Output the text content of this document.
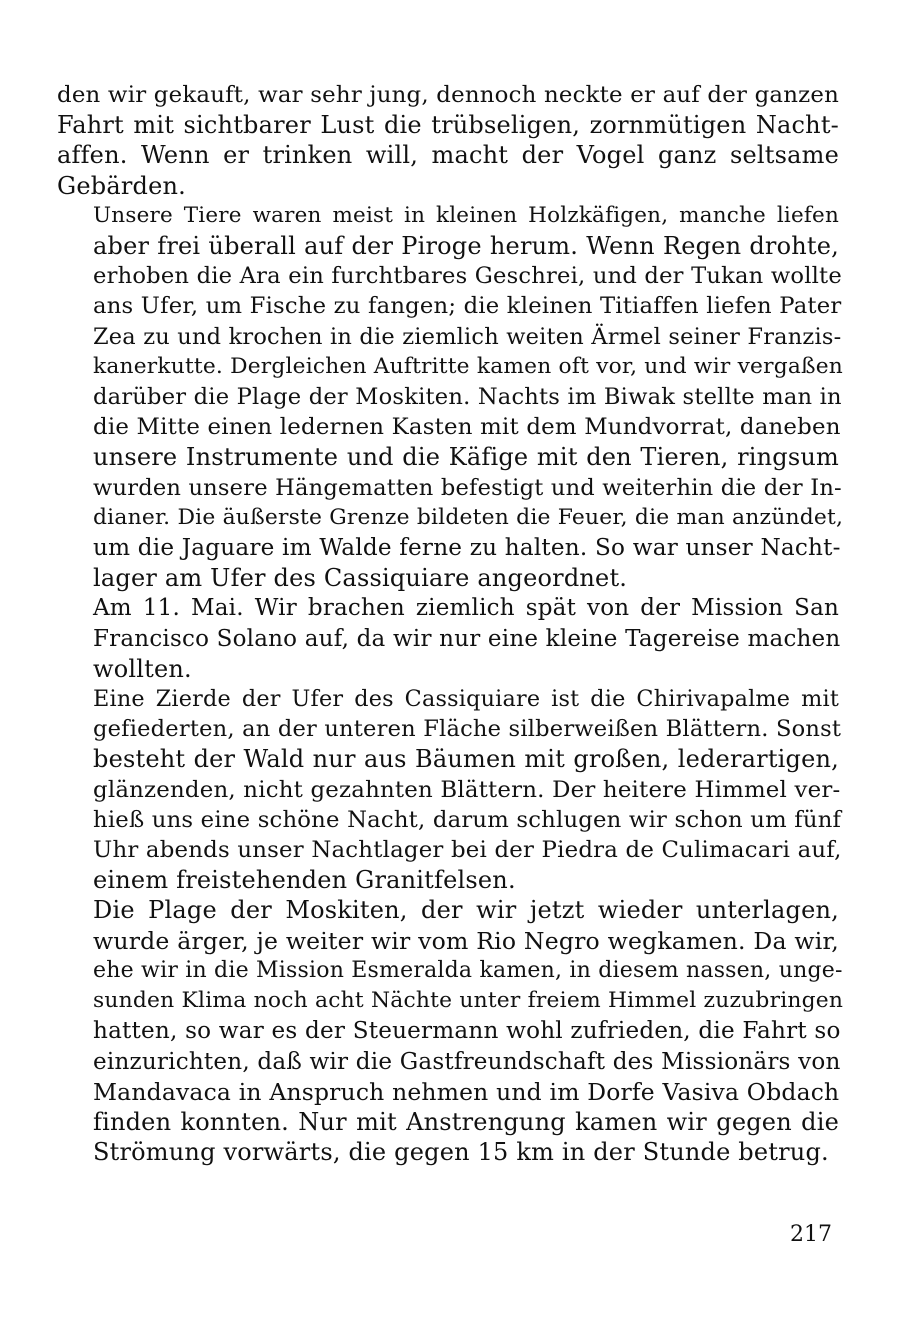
den wir gekauft, war sehr jung, dennoch neckte er auf der ganzen
Fahrt mit sichtbarer Lust die trübseligen, zornmütigen Nacht-
affen. Wenn er trinken will, macht der Vogel ganz seltsame
Gebärden.

Unsere Tiere waren meist in kleinen Holzkäfigen, manche liefen
aber frei überall auf der Piroge herum. Wenn Regen drohte,
erhoben die Ara ein furchtbares Geschrei, und der Tukan wollte
ans Ufer, um Fische zu fangen; die kleinen Titiaffen liefen Pater
Zea zu und krochen in die ziemlich weiten Ärmel seiner Franzis-
kanerkutte. Dergleichen Auftritte kamen oft vor, und wir vergaßen
darüber die Plage der Moskiten. Nachts im Biwak stellte man in
die Mitte einen ledernen Kasten mit dem Mundvorrat, daneben
unsere Instrumente und die Käfige mit den Tieren, ringsum
wurden unsere Hängematten befestigt und weiterhin die der In-
dianer. Die äußerste Grenze bildeten die Feuer, die man anzündet,
um die Jaguare im Walde ferne zu halten. So war unser Nacht-
lager am Ufer des Cassiquiare angeordnet.

Am 11. Mai. Wir brachen ziemlich spät von der Mission San
Francisco Solano auf, da wir nur eine kleine Tagereise machen
wollten.

Eine Zierde der Ufer des Cassiquiare ist die Chirivapalme mit
gefiederten, an der unteren Fläche silberweißen Blättern. Sonst
besteht der Wald nur aus Bäumen mit großen, lederartigen,
glänzenden, nicht gezahnten Blättern. Der heitere Himmel ver-
hieß uns eine schöne Nacht, darum schlugen wir schon um fünf
Uhr abends unser Nachtlager bei der Piedra de Culimacari auf,
einem freistehenden Granitfelsen.

Die Plage der Moskiten, der wir jetzt wieder unterlagen,
wurde ärger, je weiter wir vom Rio Negro wegkamen. Da wir,
ehe wir in die Mission Esmeralda kamen, in diesem nassen, unge-
sunden Klima noch acht Nächte unter freiem Himmel zuzubringen
hatten, so war es der Steuermann wohl zufrieden, die Fahrt so
einzurichten, daß wir die Gastfreundschaft des Missionärs von
Mandavaca in Anspruch nehmen und im Dorfe Vasiva Obdach
finden konnten. Nur mit Anstrengung kamen wir gegen die
Strömung vorwärts, die gegen 15 km in der Stunde betrug.

217
